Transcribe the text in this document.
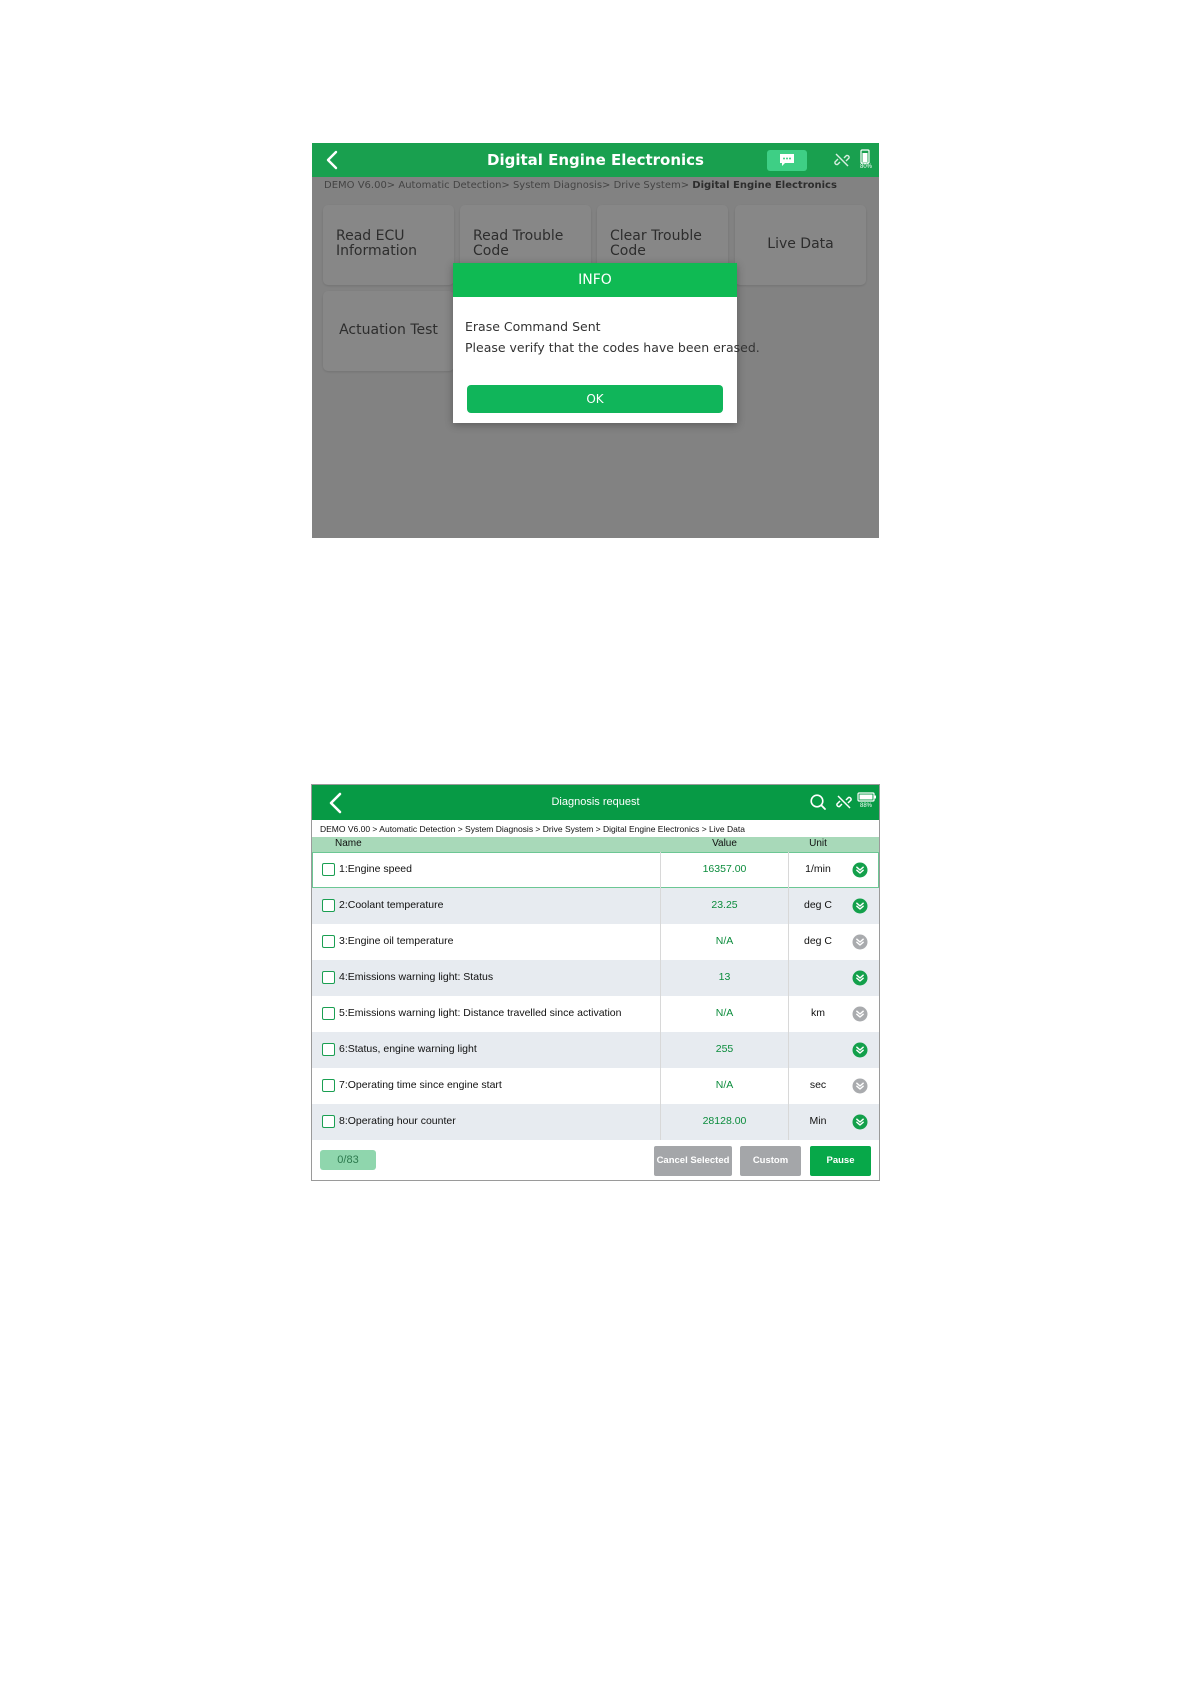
Digital Engine Electronics	80%

INFO
Erase Command Sent
Please verify that the codes have been erased.
OK
Diagnosis request	88%
DEMO V6.00 > Automatic Detection > System Diagnosis > Drive System > Digital Engine Electronics > Live Data
Name	Value	Unit
1:Engine speed	16357.00	1/min
2:Coolant temperature	23.25	deg C
3:Engine oil temperature	N/A	deg C
4:Emissions warning light: Status	13
5:Emissions warning light: Distance travelled since activation	N/A	km
6:Status, engine warning light	255
7:Operating time since engine start	N/A	sec
8:Operating hour counter	28128.00	Min
0/83	Cancel Selected	Custom	Pause
